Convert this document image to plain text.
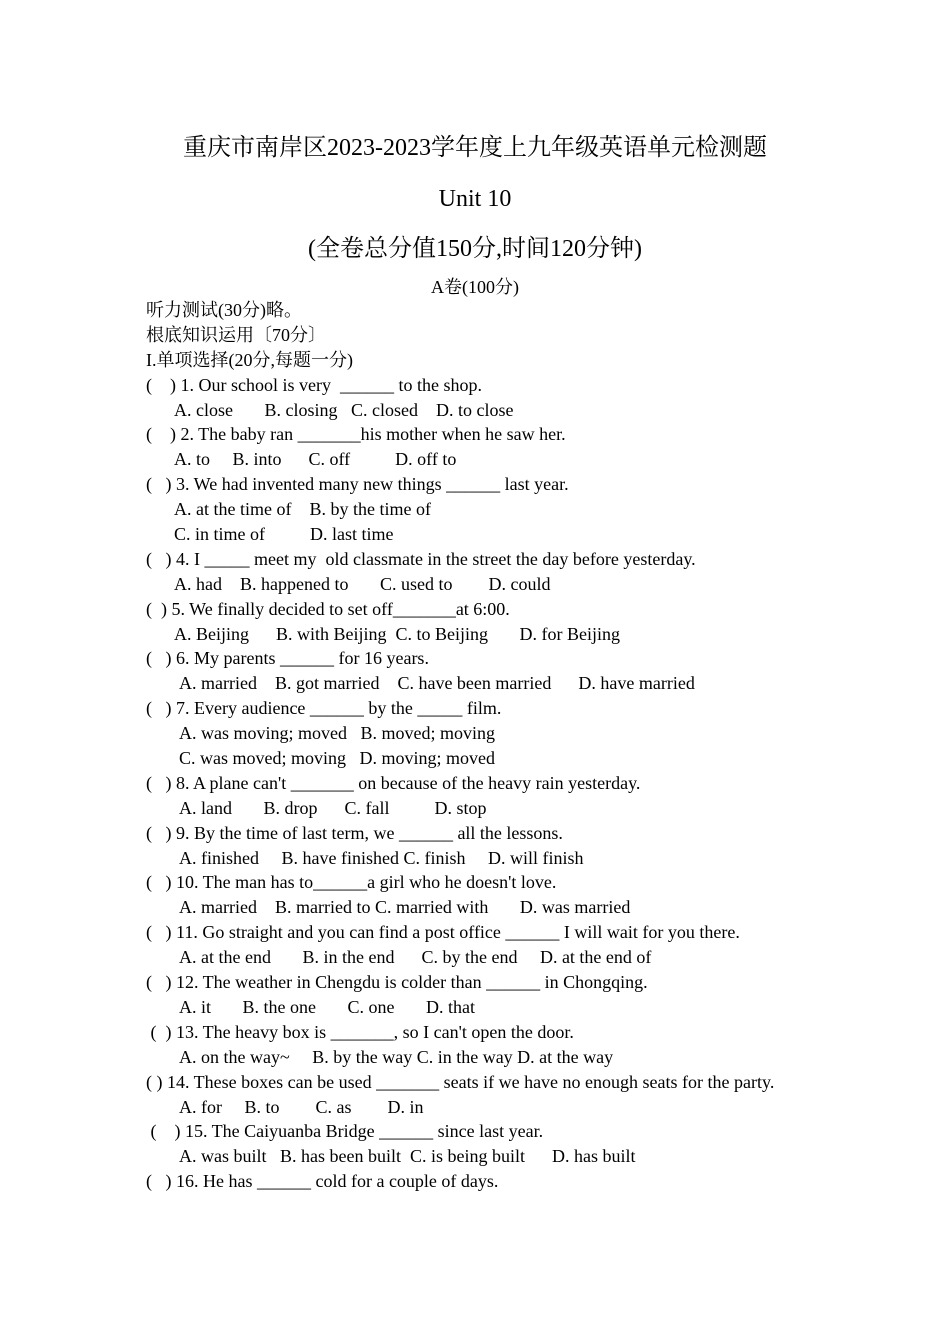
重庆市南岸区2023-2023学年度上九年级英语单元检测题
Unit 10
(全卷总分值150分,时间120分钟)
A卷(100分)
听力测试(30分)略。
根底知识运用〔70分〕
I.单项选择(20分,每题一分)
(    ) 1. Our school is very  ______ to the shop.
A. close       B. closing   C. closed    D. to close
(    ) 2. The baby ran _______his mother when he saw her.
A. to     B. into      C. off          D. off to
(   ) 3. We had invented many new things ______ last year.
A. at the time of    B. by the time of
C. in time of          D. last time
(   ) 4. I _____ meet my  old classmate in the street the day before yesterday.
A. had    B. happened to       C. used to        D. could
(  ) 5. We finally decided to set off_______at 6:00.
A. Beijing      B. with Beijing  C. to Beijing       D. for Beijing
(   ) 6. My parents ______ for 16 years.
A. married    B. got married    C. have been married      D. have married
(   ) 7. Every audience ______ by the _____ film.
A. was moving; moved   B. moved; moving
C. was moved; moving   D. moving; moved
(   ) 8. A plane can't _______ on because of the heavy rain yesterday.
A. land       B. drop      C. fall          D. stop
(   ) 9. By the time of last term, we ______ all the lessons.
A. finished     B. have finished C. finish     D. will finish
(   ) 10. The man has to______a girl who he doesn't love.
A. married    B. married to C. married with       D. was married
(   ) 11. Go straight and you can find a post office ______ I will wait for you there.
A. at the end       B. in the end      C. by the end     D. at the end of
(   ) 12. The weather in Chengdu is colder than ______ in Chongqing.
A. it       B. the one       C. one       D. that
(  ) 13. The heavy box is _______, so I can't open the door.
A. on the way~     B. by the way C. in the way D. at the way
( ) 14. These boxes can be used _______ seats if we have no enough seats for the party.
A. for     B. to        C. as        D. in
(    ) 15. The Caiyuanba Bridge ______ since last year.
A. was built   B. has been built  C. is being built      D. has built
(   ) 16. He has ______ cold for a couple of days.
